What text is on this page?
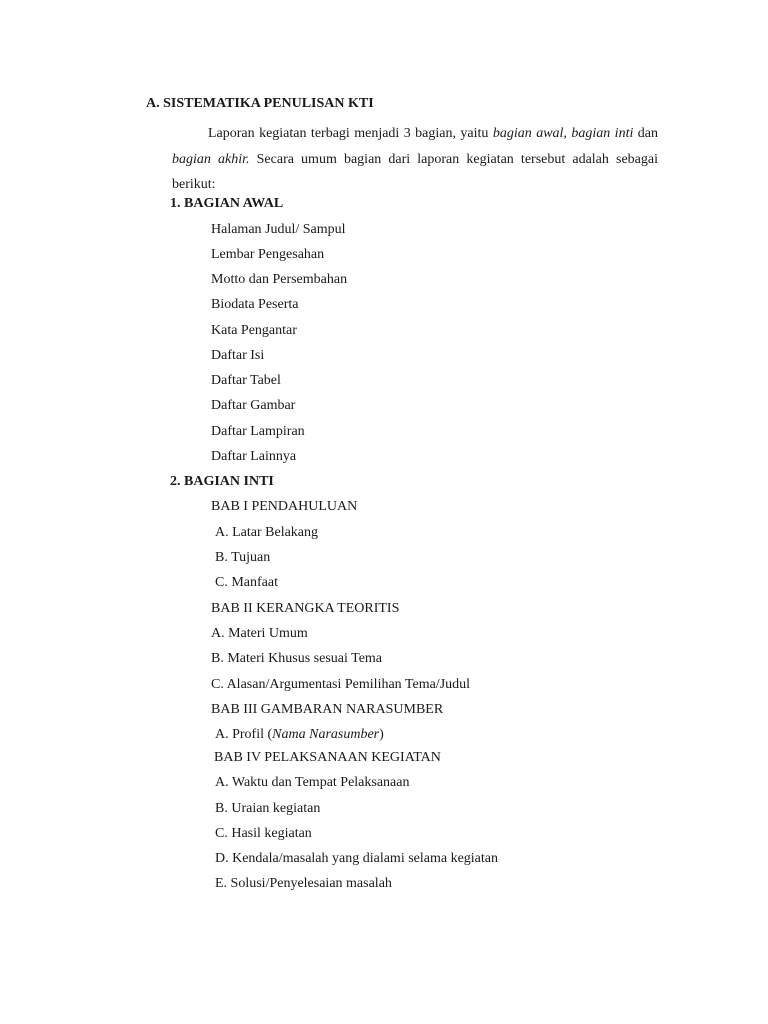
A. SISTEMATIKA PENULISAN KTI

Laporan kegiatan terbagi menjadi 3 bagian, yaitu bagian awal, bagian inti dan bagian akhir. Secara umum bagian dari laporan kegiatan tersebut adalah sebagai berikut:

1. BAGIAN AWAL
Halaman Judul/ Sampul
Lembar Pengesahan
Motto dan Persembahan
Biodata Peserta
Kata Pengantar
Daftar Isi
Daftar Tabel
Daftar Gambar
Daftar Lampiran
Daftar Lainnya
2. BAGIAN INTI
BAB I PENDAHULUAN
A. Latar Belakang
B. Tujuan
C. Manfaat
BAB II KERANGKA TEORITIS
A. Materi Umum
B. Materi Khusus sesuai Tema
C. Alasan/Argumentasi Pemilihan Tema/Judul
BAB III GAMBARAN NARASUMBER
A. Profil (Nama Narasumber)
BAB IV PELAKSANAAN KEGIATAN
A. Waktu dan Tempat Pelaksanaan
B. Uraian kegiatan
C. Hasil kegiatan
D. Kendala/masalah yang dialami selama kegiatan
E. Solusi/Penyelesaian masalah
